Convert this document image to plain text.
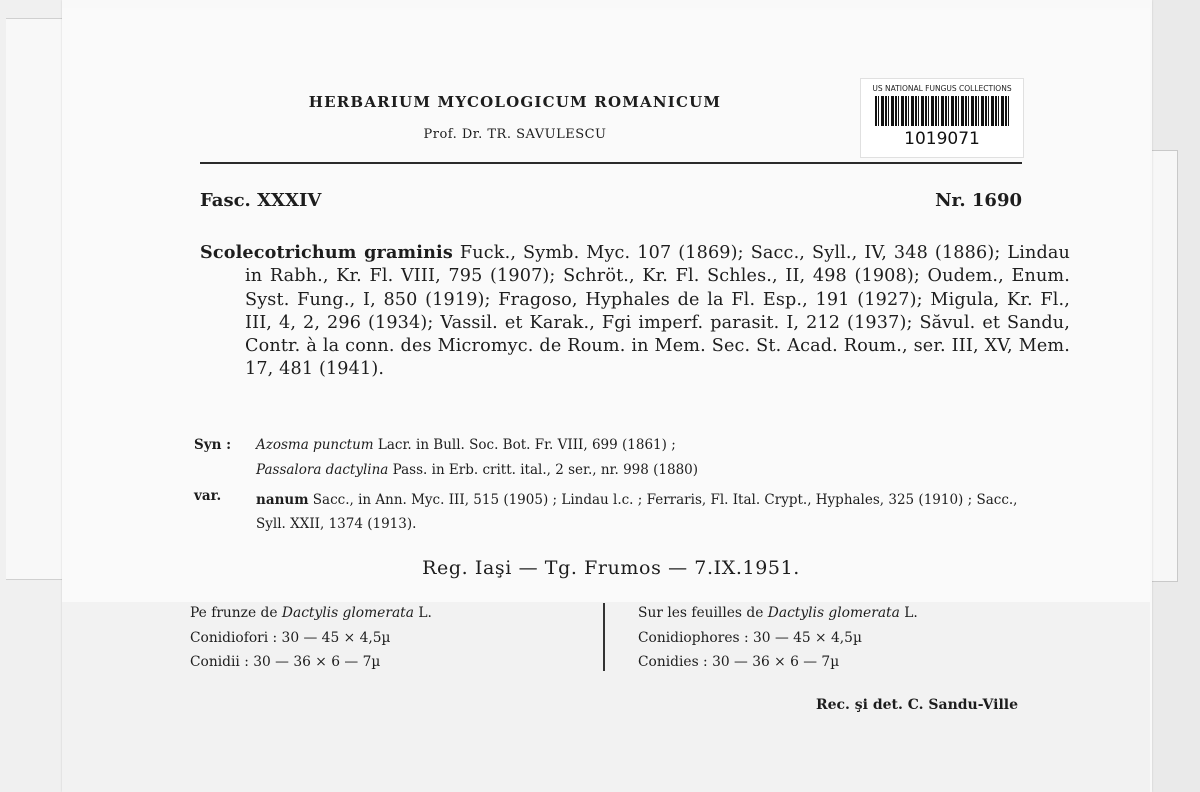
HERBARIUM MYCOLOGICUM ROMANICUM
Prof. Dr. TR. SAVULESCU
US NATIONAL FUNGUS COLLECTIONS
1019071
Fasc. XXXIV	Nr. 1690
Scolecotrichum graminis Fuck., Symb. Myc. 107 (1869); Sacc., Syll., IV, 348 (1886); Lindau in Rabh., Kr. Fl. VIII, 795 (1907); Schröt., Kr. Fl. Schles., II, 498 (1908); Oudem., Enum. Syst. Fung., I, 850 (1919); Fragoso, Hyphales de la Fl. Esp., 191 (1927); Migula, Kr. Fl., III, 4, 2, 296 (1934); Vassil. et Karak., Fgi imperf. parasit. I, 212 (1937); Săvul. et Sandu, Contr. à la conn. des Micromyc. de Roum. in Mem. Sec. St. Acad. Roum., ser. III, XV, Mem. 17, 481 (1941).
Syn : Azosma punctum Lacr. in Bull. Soc. Bot. Fr. VIII, 699 (1861) ;
Passalora dactylina Pass. in Erb. critt. ital., 2 ser., nr. 998 (1880)
var.	nanum Sacc., in Ann. Myc. III, 515 (1905) ; Lindau l.c. ; Ferraris, Fl. Ital. Crypt., Hyphales, 325 (1910) ; Sacc., Syll. XXII, 1374 (1913).
Reg. Iaşi — Tg. Frumos — 7.IX.1951.
Pe frunze de Dactylis glomerata L.
Conidiofori : 30 — 45 × 4,5µ
Conidii : 30 — 36 × 6 — 7µ
Sur les feuilles de Dactylis glomerata L.
Conidiophores : 30 — 45 × 4,5µ
Conidies : 30 — 36 × 6 — 7µ
Rec. şi det. C. Sandu-Ville
